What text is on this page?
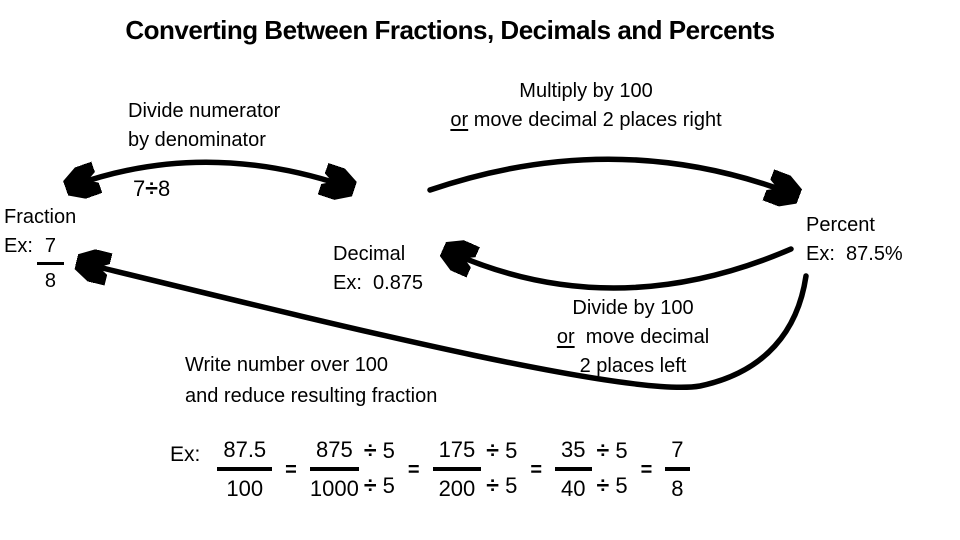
Converting Between Fractions, Decimals and Percents
Divide numerator
by denominator
7÷8
Multiply by 100
or move decimal 2 places right
Fraction
Ex: $\frac{7}{8}$	Decimal
Ex:  0.875
Percent
Ex:  87.5%
Divide by 100
or move decimal
2 places left
Write number over 100
and reduce resulting fraction
Ex: $\frac{87.5}{100}$ =
875 ÷ 5
1000 ÷ 5
=
175 ÷ 5
200 ÷ 5
=
35 ÷ 5
40 ÷ 5
= $\frac{7}{8}$
